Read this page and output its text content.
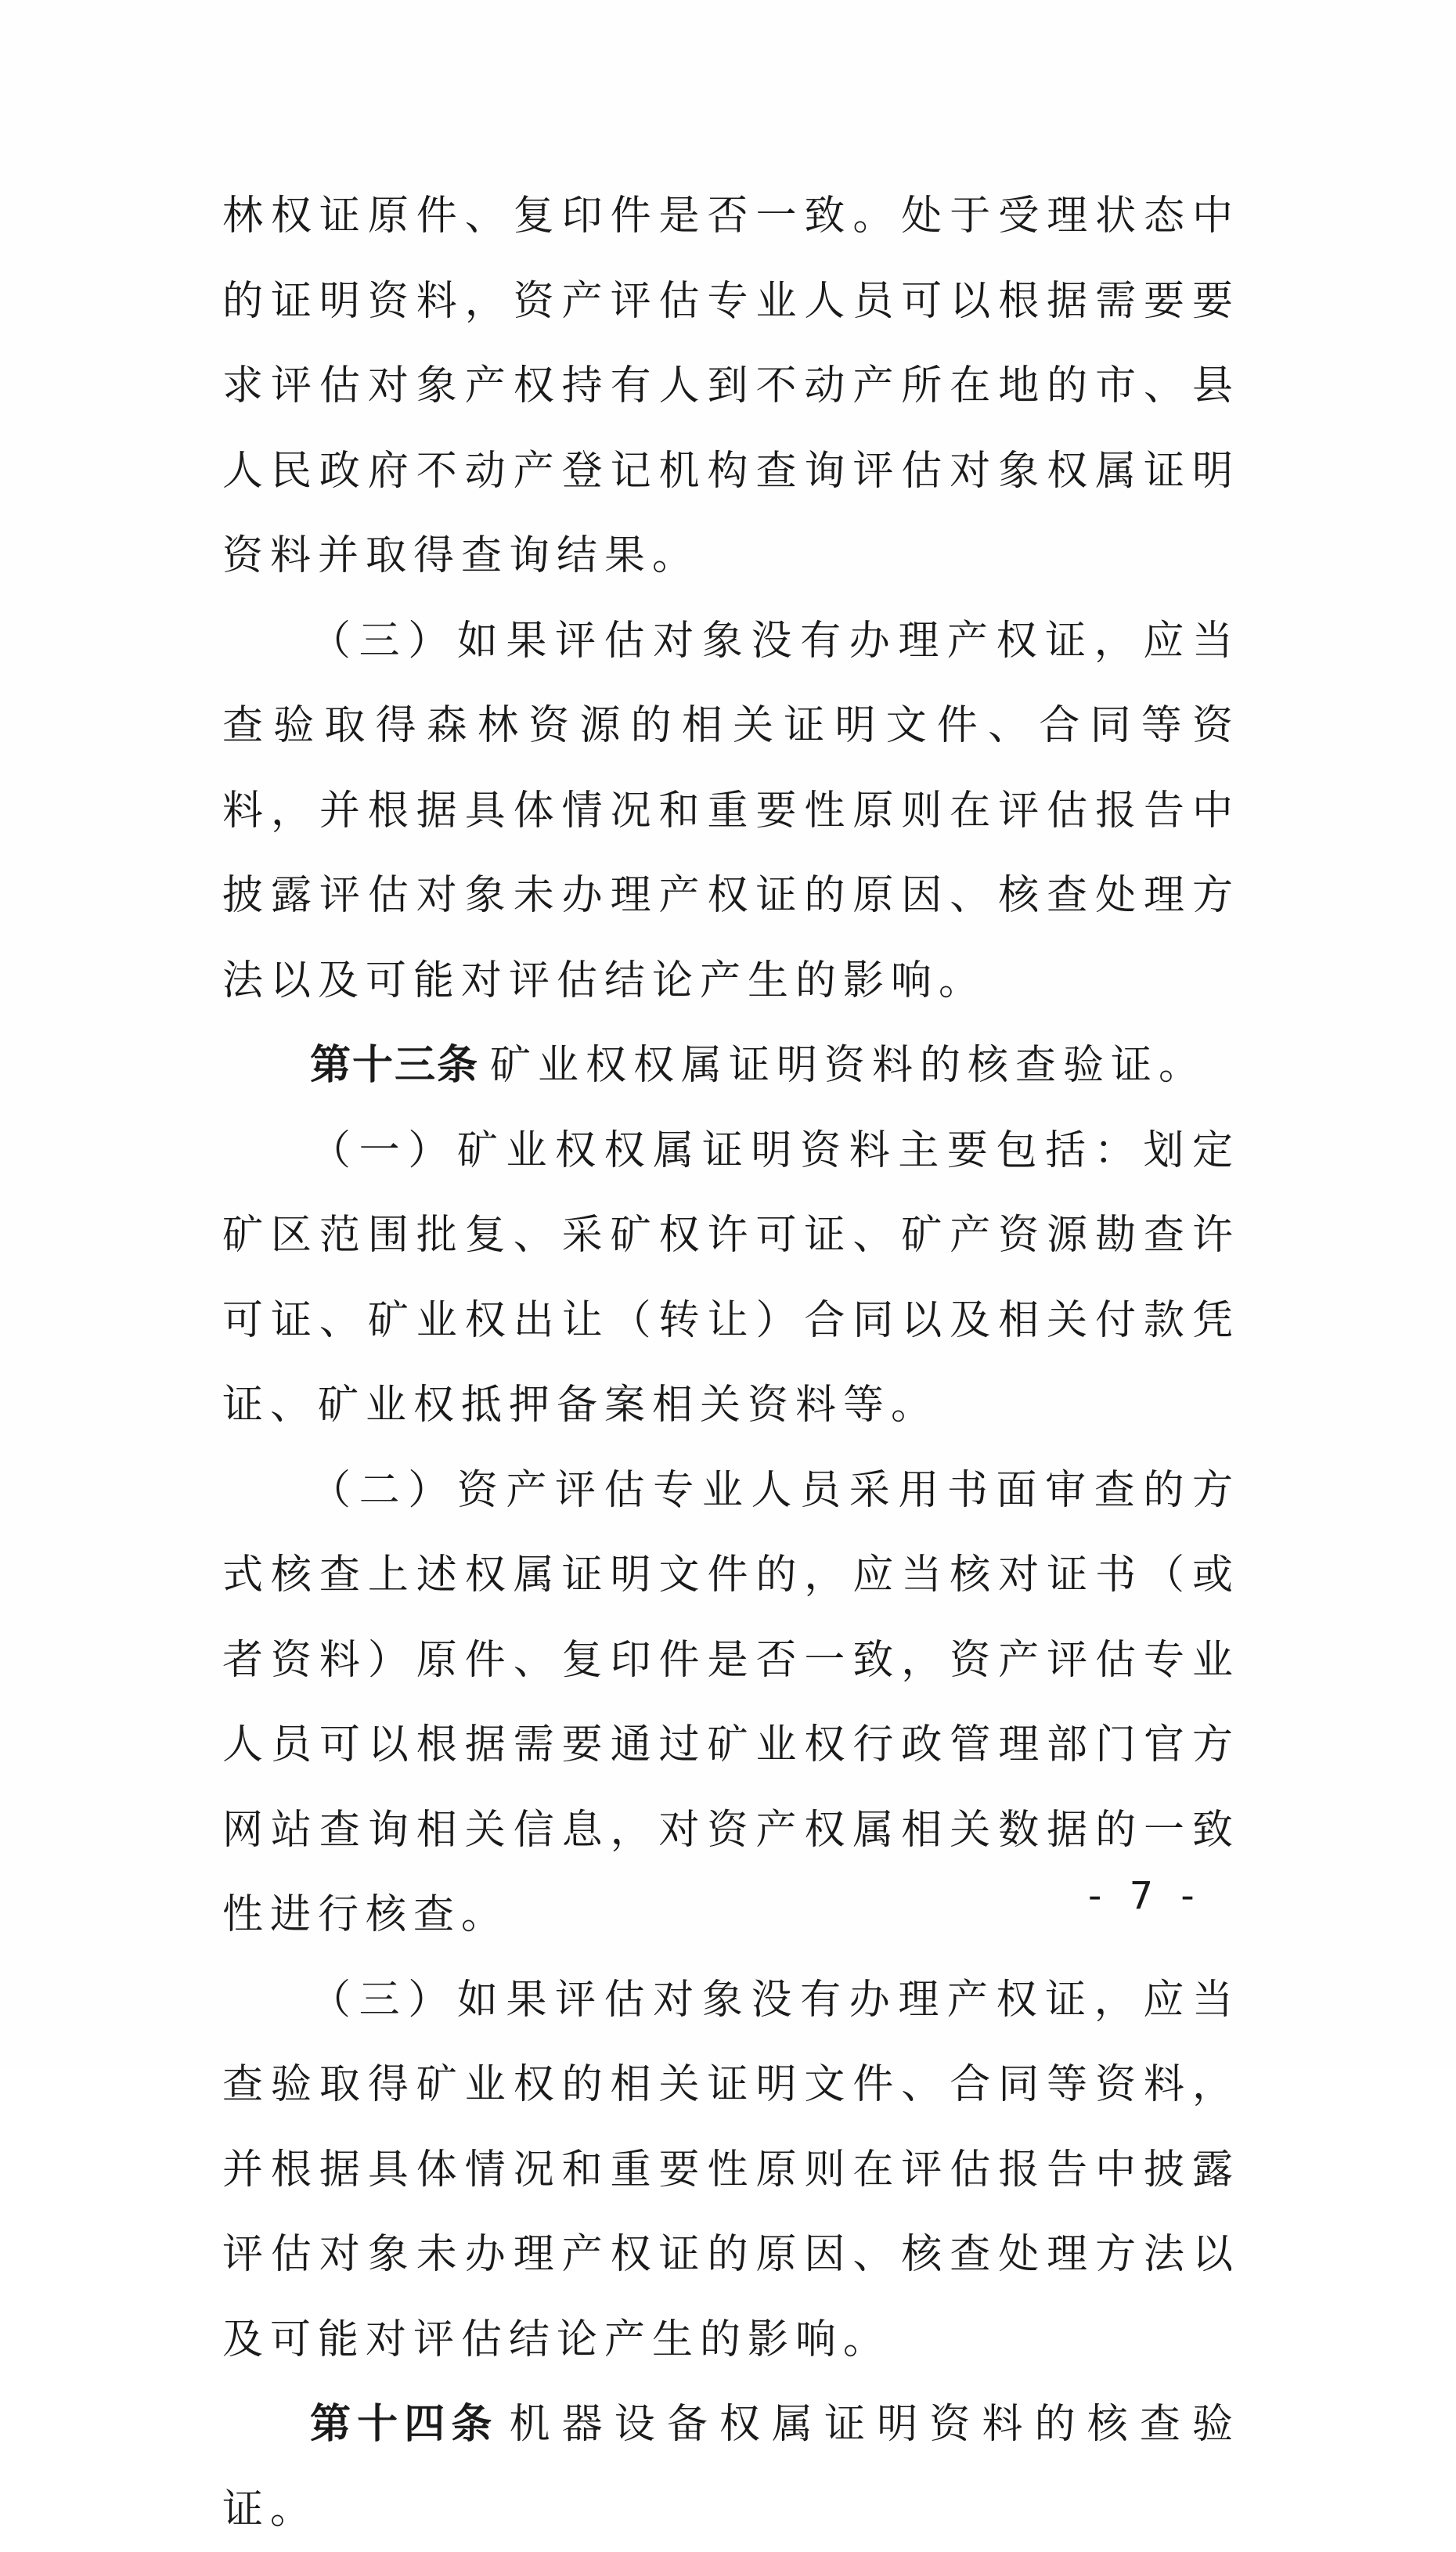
林权证原件、复印件是否一致。处于受理状态中的证明资料，资产评估专业人员可以根据需要要求评估对象产权持有人到不动产所在地的市、县人民政府不动产登记机构查询评估对象权属证明资料并取得查询结果。

（三）如果评估对象没有办理产权证，应当查验取得森林资源的相关证明文件、合同等资料，并根据具体情况和重要性原则在评估报告中披露评估对象未办理产权证的原因、核查处理方法以及可能对评估结论产生的影响。

第十三条 矿业权权属证明资料的核查验证。

（一）矿业权权属证明资料主要包括：划定矿区范围批复、采矿权许可证、矿产资源勘查许可证、矿业权出让（转让）合同以及相关付款凭证、矿业权抵押备案相关资料等。

（二）资产评估专业人员采用书面审查的方式核查上述权属证明文件的，应当核对证书（或者资料）原件、复印件是否一致，资产评估专业人员可以根据需要通过矿业权行政管理部门官方网站查询相关信息，对资产权属相关数据的一致性进行核查。

（三）如果评估对象没有办理产权证，应当查验取得矿业权的相关证明文件、合同等资料，并根据具体情况和重要性原则在评估报告中披露评估对象未办理产权证的原因、核查处理方法以及可能对评估结论产生的影响。

第十四条 机器设备权属证明资料的核查验证。

- 7 -
